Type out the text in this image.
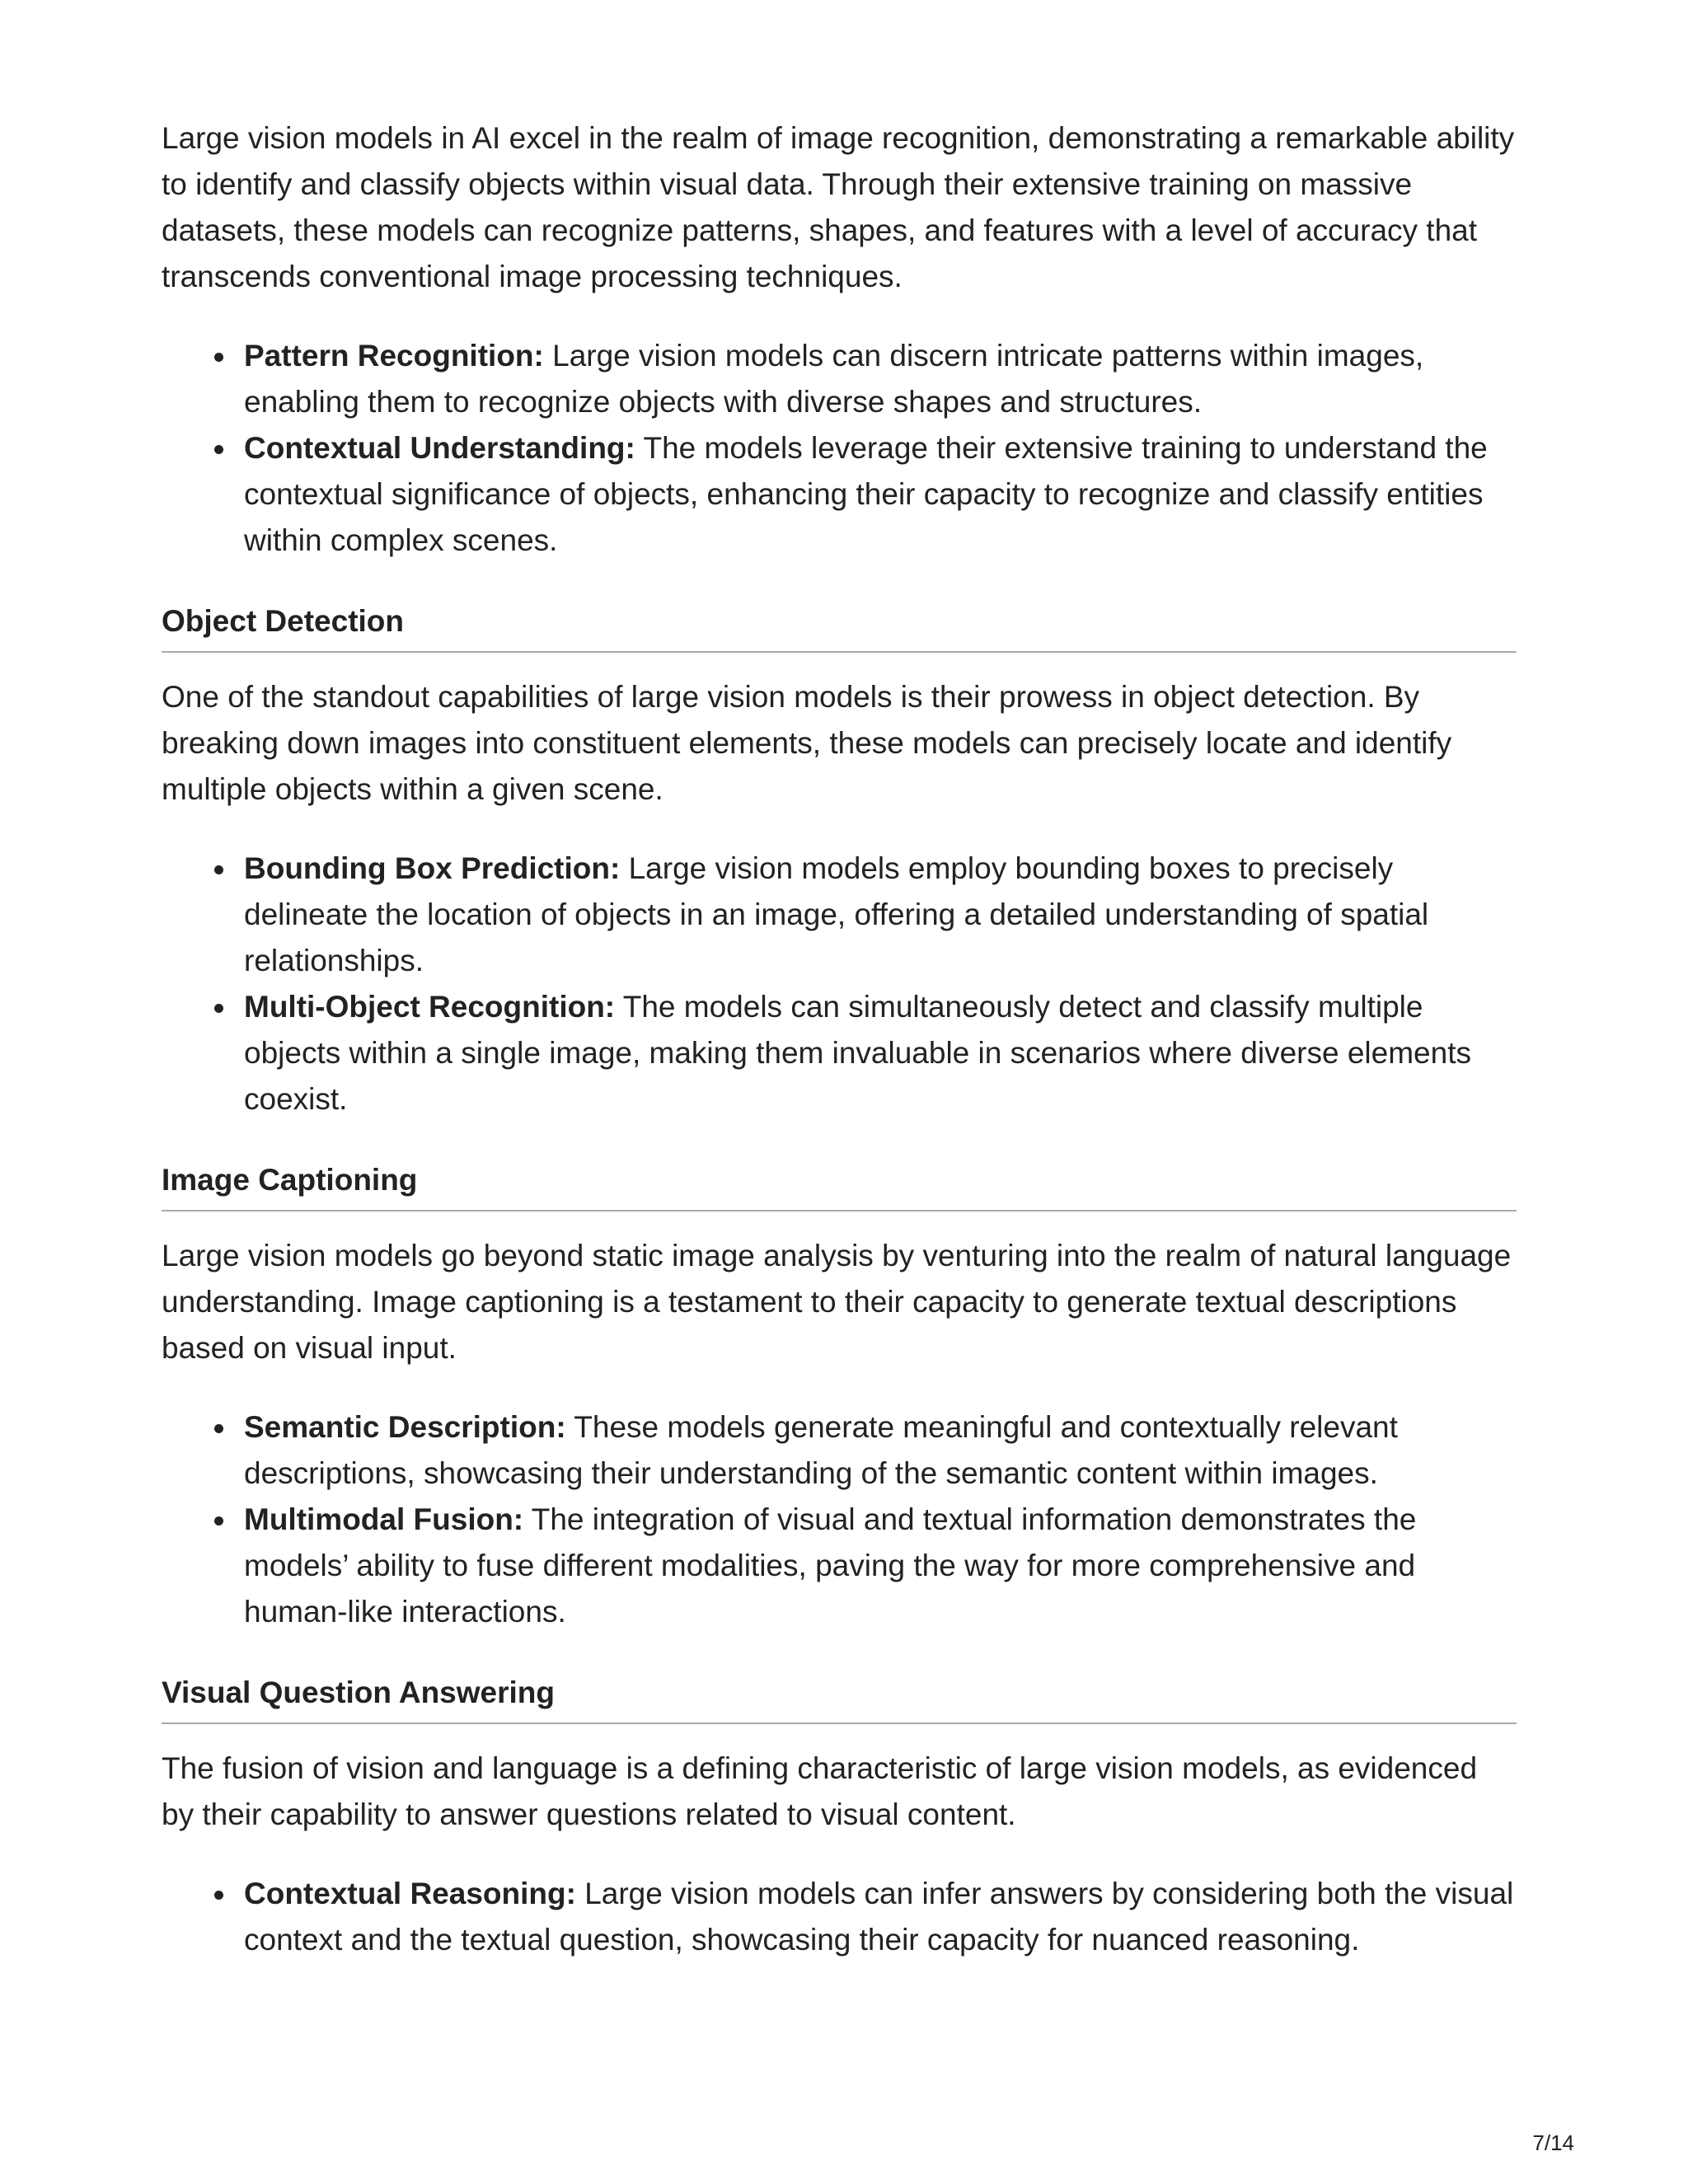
Large vision models in AI excel in the realm of image recognition, demonstrating a remarkable ability to identify and classify objects within visual data. Through their extensive training on massive datasets, these models can recognize patterns, shapes, and features with a level of accuracy that transcends conventional image processing techniques.

Pattern Recognition: Large vision models can discern intricate patterns within images, enabling them to recognize objects with diverse shapes and structures.
Contextual Understanding: The models leverage their extensive training to understand the contextual significance of objects, enhancing their capacity to recognize and classify entities within complex scenes.
Object Detection

One of the standout capabilities of large vision models is their prowess in object detection. By breaking down images into constituent elements, these models can precisely locate and identify multiple objects within a given scene.

Bounding Box Prediction: Large vision models employ bounding boxes to precisely delineate the location of objects in an image, offering a detailed understanding of spatial relationships.
Multi-Object Recognition: The models can simultaneously detect and classify multiple objects within a single image, making them invaluable in scenarios where diverse elements coexist.
Image Captioning

Large vision models go beyond static image analysis by venturing into the realm of natural language understanding. Image captioning is a testament to their capacity to generate textual descriptions based on visual input.

Semantic Description: These models generate meaningful and contextually relevant descriptions, showcasing their understanding of the semantic content within images.
Multimodal Fusion: The integration of visual and textual information demonstrates the models’ ability to fuse different modalities, paving the way for more comprehensive and human-like interactions.
Visual Question Answering

The fusion of vision and language is a defining characteristic of large vision models, as evidenced by their capability to answer questions related to visual content.

Contextual Reasoning: Large vision models can infer answers by considering both the visual context and the textual question, showcasing their capacity for nuanced reasoning.
7/14
